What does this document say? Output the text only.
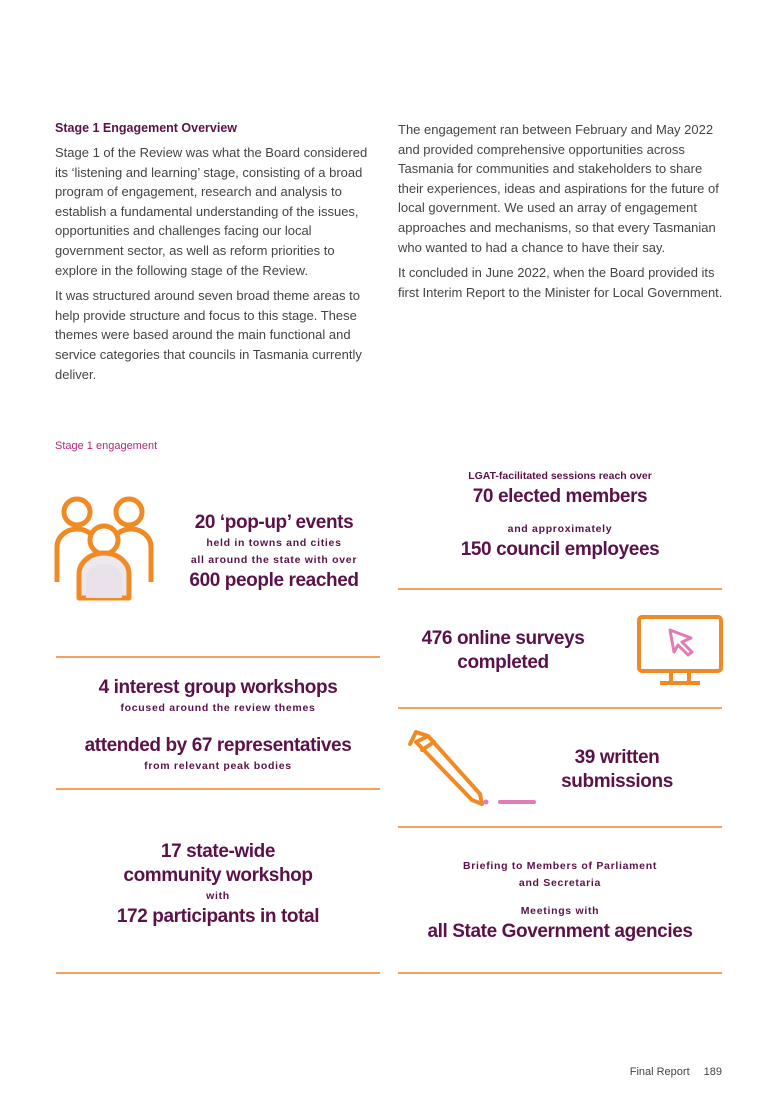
Stage 1 Engagement Overview

Stage 1 of the Review was what the Board considered its ‘listening and learning’ stage, consisting of a broad program of engagement, research and analysis to establish a fundamental understanding of the issues, opportunities and challenges facing our local government sector, as well as reform priorities to explore in the following stage of the Review.

It was structured around seven broad theme areas to help provide structure and focus to this stage. These themes were based around the main functional and service categories that councils in Tasmania currently deliver.

The engagement ran between February and May 2022 and provided comprehensive opportunities across Tasmania for communities and stakeholders to share their experiences, ideas and aspirations for the future of local government. We used an array of engagement approaches and mechanisms, so that every Tasmanian who wanted to had a chance to have their say.

It concluded in June 2022, when the Board provided its first Interim Report to the Minister for Local Government.

Stage 1 engagement
20 ‘pop-up’ events
held in towns and cities
all around the state with over
600 people reached
LGAT-facilitated sessions reach over
70 elected members
and approximately
150 council employees
476 online surveys
completed
4 interest group workshops
focused around the review themes
attended by 67 representatives
from relevant peak bodies	39 written
submissions
17 state-wide
community workshop
with
172 participants in total
Briefing to Members of Parliament
and Secretaria
Meetings with
all State Government agencies
Final Report 189
